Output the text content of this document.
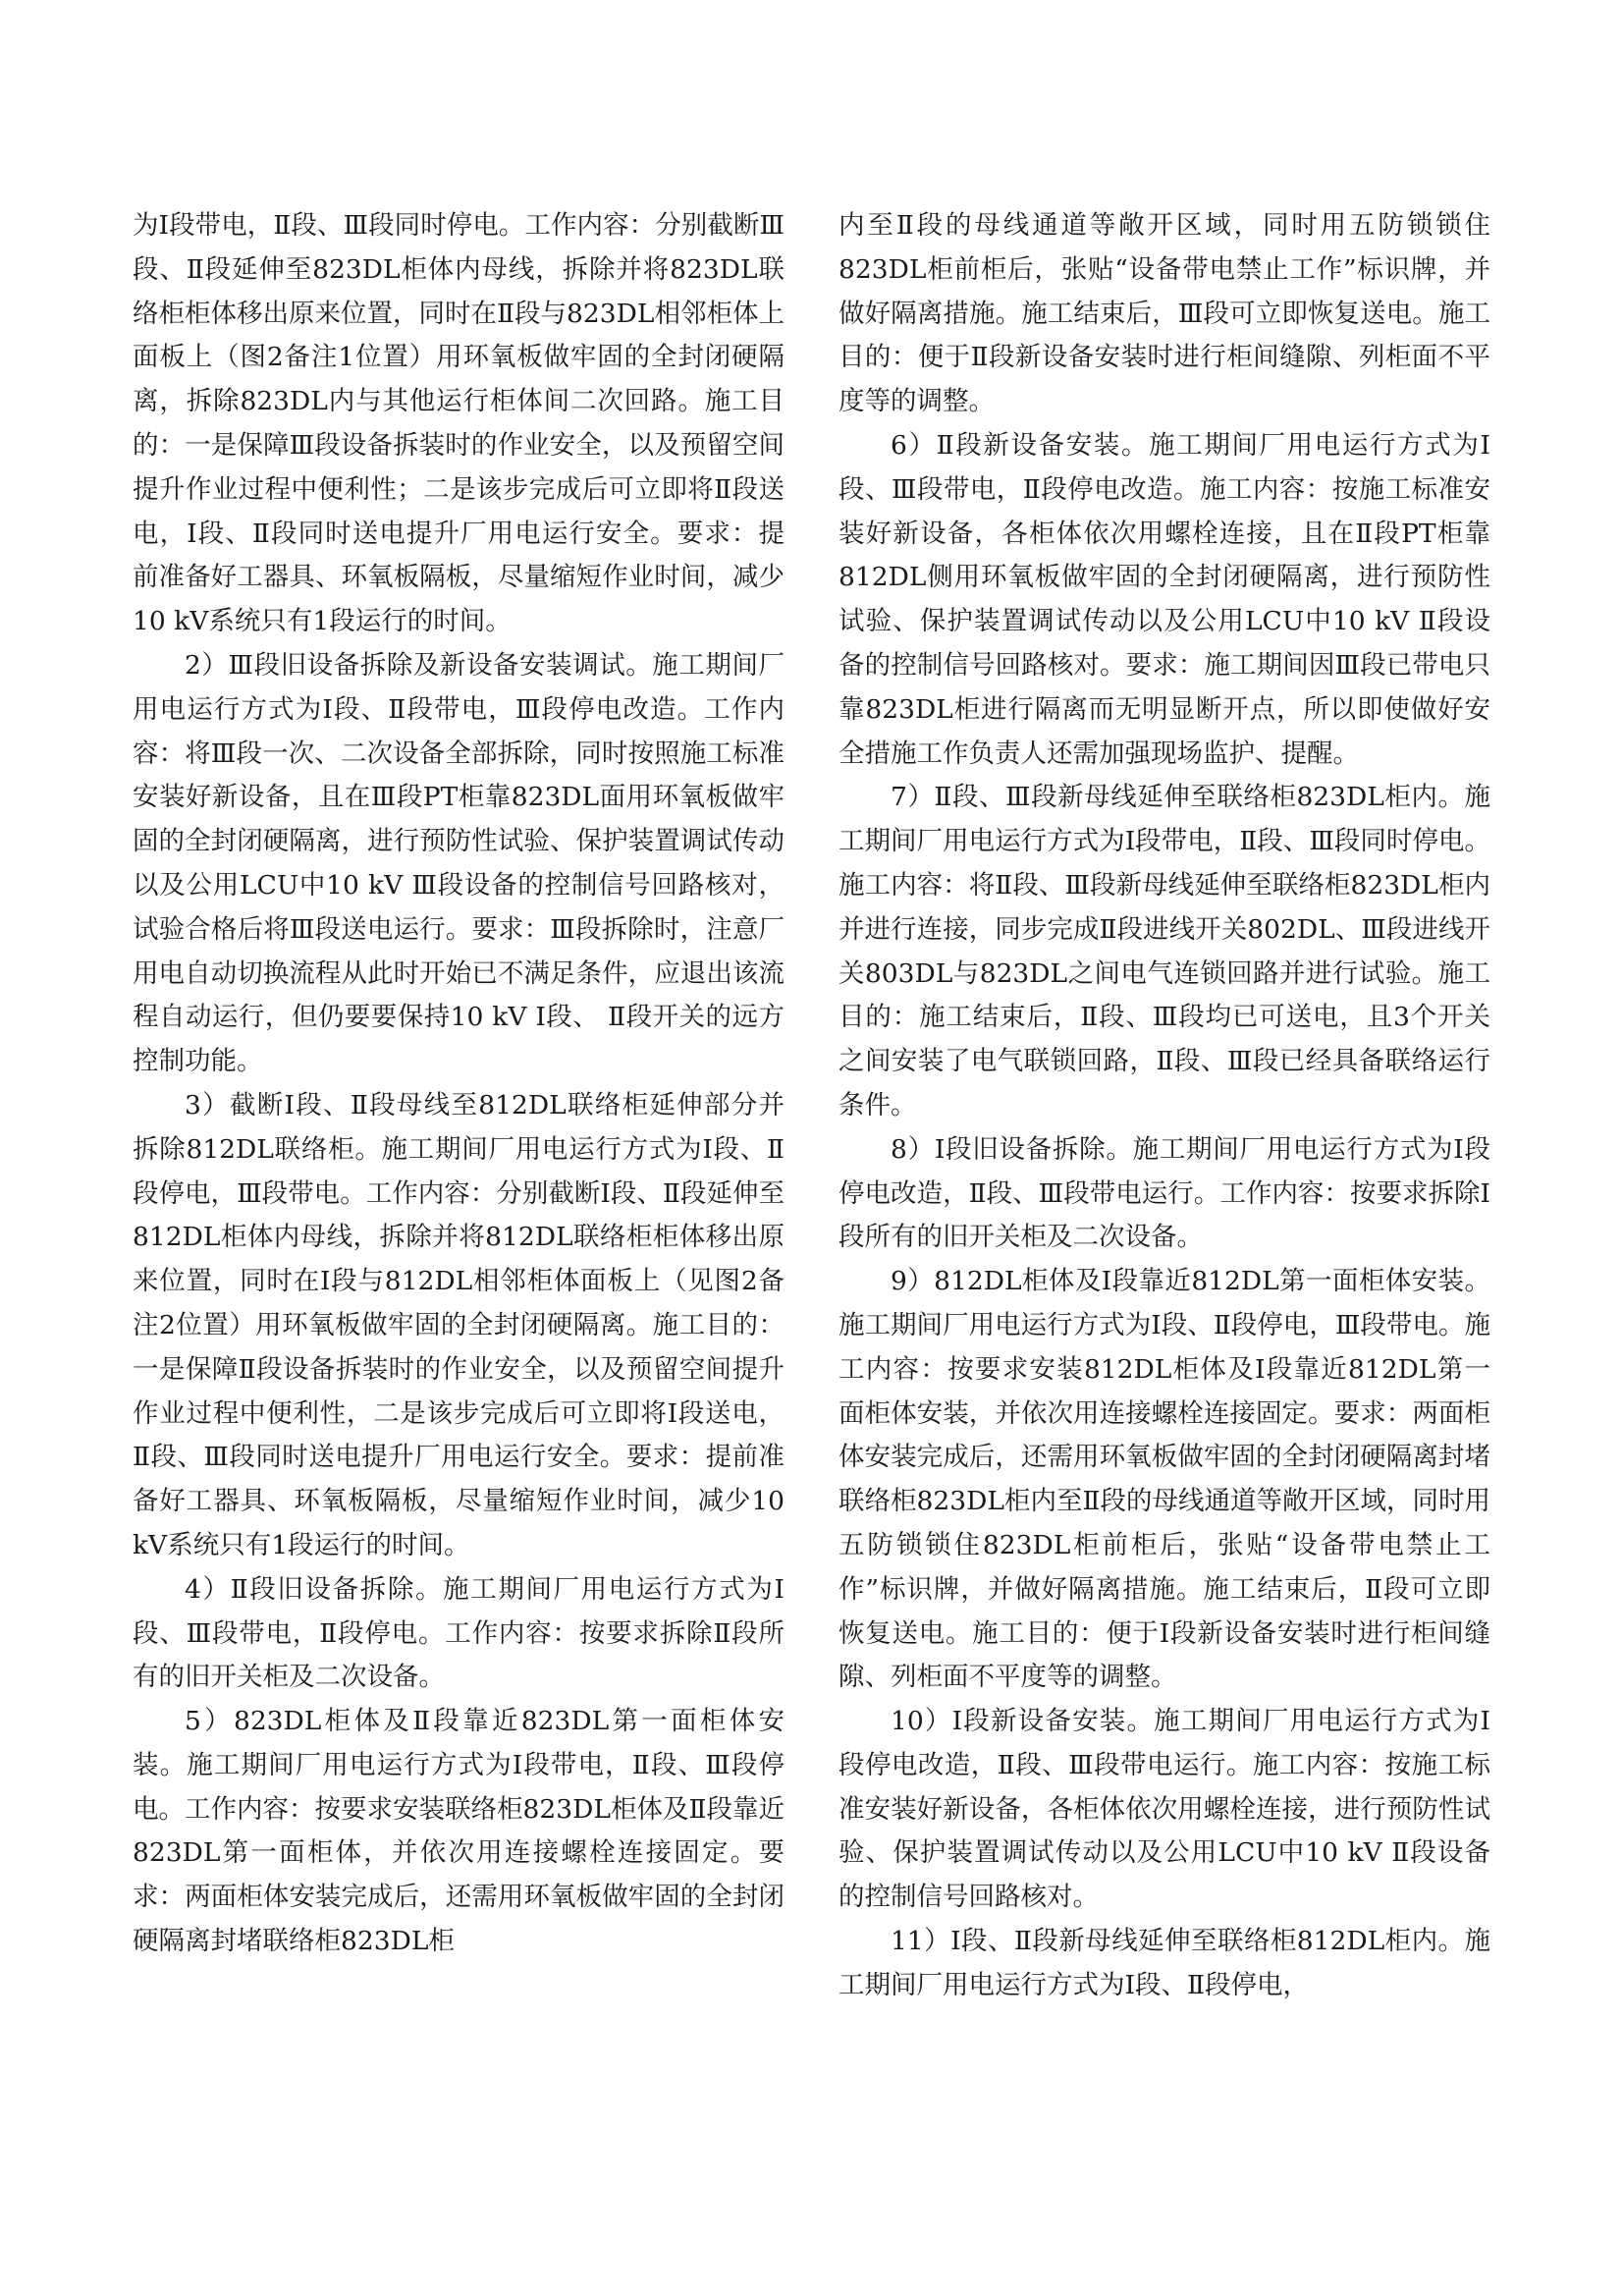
为Ⅰ段带电，Ⅱ段、Ⅲ段同时停电。工作内容：分别截断Ⅲ段、Ⅱ段延伸至823DL柜体内母线，拆除并将823DL联络柜柜体移出原来位置，同时在Ⅱ段与823DL相邻柜体上面板上（图2备注1位置）用环氧板做牢固的全封闭硬隔离，拆除823DL内与其他运行柜体间二次回路。施工目的：一是保障Ⅲ段设备拆装时的作业安全，以及预留空间提升作业过程中便利性；二是该步完成后可立即将Ⅱ段送电，Ⅰ段、Ⅱ段同时送电提升厂用电运行安全。要求：提前准备好工器具、环氧板隔板，尽量缩短作业时间，减少10 kV系统只有1段运行的时间。

2）Ⅲ段旧设备拆除及新设备安装调试。施工期间厂用电运行方式为Ⅰ段、Ⅱ段带电，Ⅲ段停电改造。工作内容：将Ⅲ段一次、二次设备全部拆除，同时按照施工标准安装好新设备，且在Ⅲ段PT柜靠823DL面用环氧板做牢固的全封闭硬隔离，进行预防性试验、保护装置调试传动以及公用LCU中10 kV Ⅲ段设备的控制信号回路核对，试验合格后将Ⅲ段送电运行。要求：Ⅲ段拆除时，注意厂用电自动切换流程从此时开始已不满足条件，应退出该流程自动运行，但仍要要保持10 kV Ⅰ段、 Ⅱ段开关的远方控制功能。

3）截断Ⅰ段、Ⅱ段母线至812DL联络柜延伸部分并拆除812DL联络柜。施工期间厂用电运行方式为Ⅰ段、Ⅱ段停电，Ⅲ段带电。工作内容：分别截断Ⅰ段、Ⅱ段延伸至812DL柜体内母线，拆除并将812DL联络柜柜体移出原来位置，同时在Ⅰ段与812DL相邻柜体面板上（见图2备注2位置）用环氧板做牢固的全封闭硬隔离。施工目的：一是保障Ⅱ段设备拆装时的作业安全，以及预留空间提升作业过程中便利性，二是该步完成后可立即将Ⅰ段送电，Ⅱ段、Ⅲ段同时送电提升厂用电运行安全。要求：提前准备好工器具、环氧板隔板，尽量缩短作业时间，减少10 kV系统只有1段运行的时间。

4）Ⅱ段旧设备拆除。施工期间厂用电运行方式为Ⅰ段、Ⅲ段带电，Ⅱ段停电。工作内容：按要求拆除Ⅱ段所有的旧开关柜及二次设备。

5）823DL柜体及Ⅱ段靠近823DL第一面柜体安装。施工期间厂用电运行方式为Ⅰ段带电，Ⅱ段、Ⅲ段停电。工作内容：按要求安装联络柜823DL柜体及Ⅱ段靠近823DL第一面柜体，并依次用连接螺栓连接固定。要求：两面柜体安装完成后，还需用环氧板做牢固的全封闭硬隔离封堵联络柜823DL柜

内至Ⅱ段的母线通道等敞开区域，同时用五防锁锁住823DL柜前柜后，张贴“设备带电禁止工作”标识牌，并做好隔离措施。施工结束后，Ⅲ段可立即恢复送电。施工目的：便于Ⅱ段新设备安装时进行柜间缝隙、列柜面不平度等的调整。

6）Ⅱ段新设备安装。施工期间厂用电运行方式为Ⅰ段、Ⅲ段带电，Ⅱ段停电改造。施工内容：按施工标准安装好新设备，各柜体依次用螺栓连接，且在Ⅱ段PT柜靠812DL侧用环氧板做牢固的全封闭硬隔离，进行预防性试验、保护装置调试传动以及公用LCU中10 kV Ⅱ段设备的控制信号回路核对。要求：施工期间因Ⅲ段已带电只靠823DL柜进行隔离而无明显断开点，所以即使做好安全措施工作负责人还需加强现场监护、提醒。

7）Ⅱ段、Ⅲ段新母线延伸至联络柜823DL柜内。施工期间厂用电运行方式为Ⅰ段带电，Ⅱ段、Ⅲ段同时停电。施工内容：将Ⅱ段、Ⅲ段新母线延伸至联络柜823DL柜内并进行连接，同步完成Ⅱ段进线开关802DL、Ⅲ段进线开关803DL与823DL之间电气连锁回路并进行试验。施工目的：施工结束后，Ⅱ段、Ⅲ段均已可送电，且3个开关之间安装了电气联锁回路，Ⅱ段、Ⅲ段已经具备联络运行条件。

8）Ⅰ段旧设备拆除。施工期间厂用电运行方式为Ⅰ段停电改造，Ⅱ段、Ⅲ段带电运行。工作内容：按要求拆除Ⅰ段所有的旧开关柜及二次设备。

9）812DL柜体及Ⅰ段靠近812DL第一面柜体安装。施工期间厂用电运行方式为Ⅰ段、Ⅱ段停电，Ⅲ段带电。施工内容：按要求安装812DL柜体及Ⅰ段靠近812DL第一面柜体安装，并依次用连接螺栓连接固定。要求：两面柜体安装完成后，还需用环氧板做牢固的全封闭硬隔离封堵联络柜823DL柜内至Ⅱ段的母线通道等敞开区域，同时用五防锁锁住823DL柜前柜后，张贴“设备带电禁止工作”标识牌，并做好隔离措施。施工结束后，Ⅱ段可立即恢复送电。施工目的：便于Ⅰ段新设备安装时进行柜间缝隙、列柜面不平度等的调整。

10）Ⅰ段新设备安装。施工期间厂用电运行方式为Ⅰ段停电改造，Ⅱ段、Ⅲ段带电运行。施工内容：按施工标准安装好新设备，各柜体依次用螺栓连接，进行预防性试验、保护装置调试传动以及公用LCU中10 kV Ⅱ段设备的控制信号回路核对。

11）Ⅰ段、Ⅱ段新母线延伸至联络柜812DL柜内。施工期间厂用电运行方式为Ⅰ段、Ⅱ段停电，
